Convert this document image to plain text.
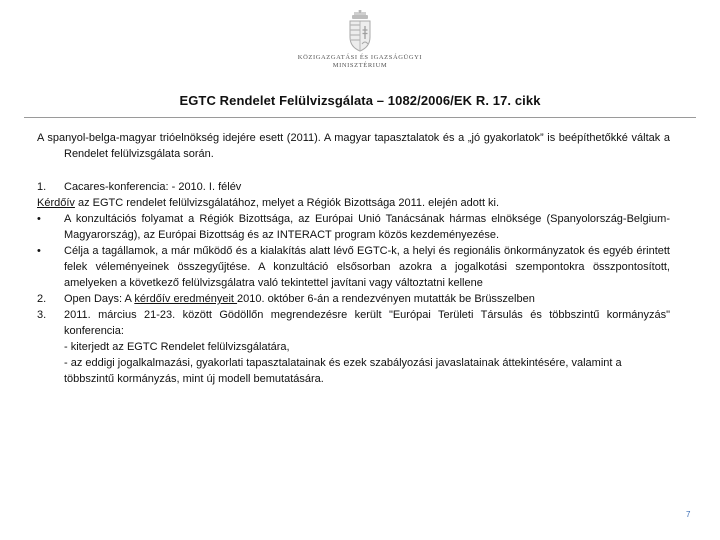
KÖZIGAZGATÁSI ÉS IGAZSÁGÜGYI
MINISZTÉRIUM
EGTC Rendelet Felülvizsgálata – 1082/2006/EK R. 17. cikk
A spanyol-belga-magyar trióelnökség idejére esett (2011). A magyar tapasztalatok és a „jó gyakorlatok” is beépíthetőkké váltak a Rendelet felülvizsgálata során.
1.	Cacares-konferencia: - 2010. I. félév
Kérdőív az EGTC rendelet felülvizsgálatához, melyet a Régiók Bizottsága 2011. elején adott ki.
•	A konzultációs folyamat a Régiók Bizottsága, az Európai Unió Tanácsának hármas elnöksége (Spanyolország-Belgium-Magyarország), az Európai Bizottság és az INTERACT program közös kezdeményezése.
•	Célja a tagállamok, a már működő és a kialakítás alatt lévő EGTC-k, a helyi és regionális önkormányzatok és egyéb érintett felek véleményeinek összegyűjtése. A konzultáció elsősorban azokra a jogalkotási szempontokra összpontosított, amelyeken a következő felülvizsgálatra való tekintettel javítani vagy változtatni kellene
2.	Open Days: A kérdőív eredményeit 2010. október 6-án a rendezvényen mutatták be Brüsszelben
3.	2011. március 21-23. között Gödöllőn megrendezésre került "Európai Területi Társulás és többszintű kormányzás" konferencia:
- kiterjedt az EGTC Rendelet felülvizsgálatára,
- az eddigi jogalkalmazási, gyakorlati tapasztalatainak és ezek szabályozási javaslatainak áttekintésére, valamint a többszintű kormányzás, mint új modell bemutatására.
7
